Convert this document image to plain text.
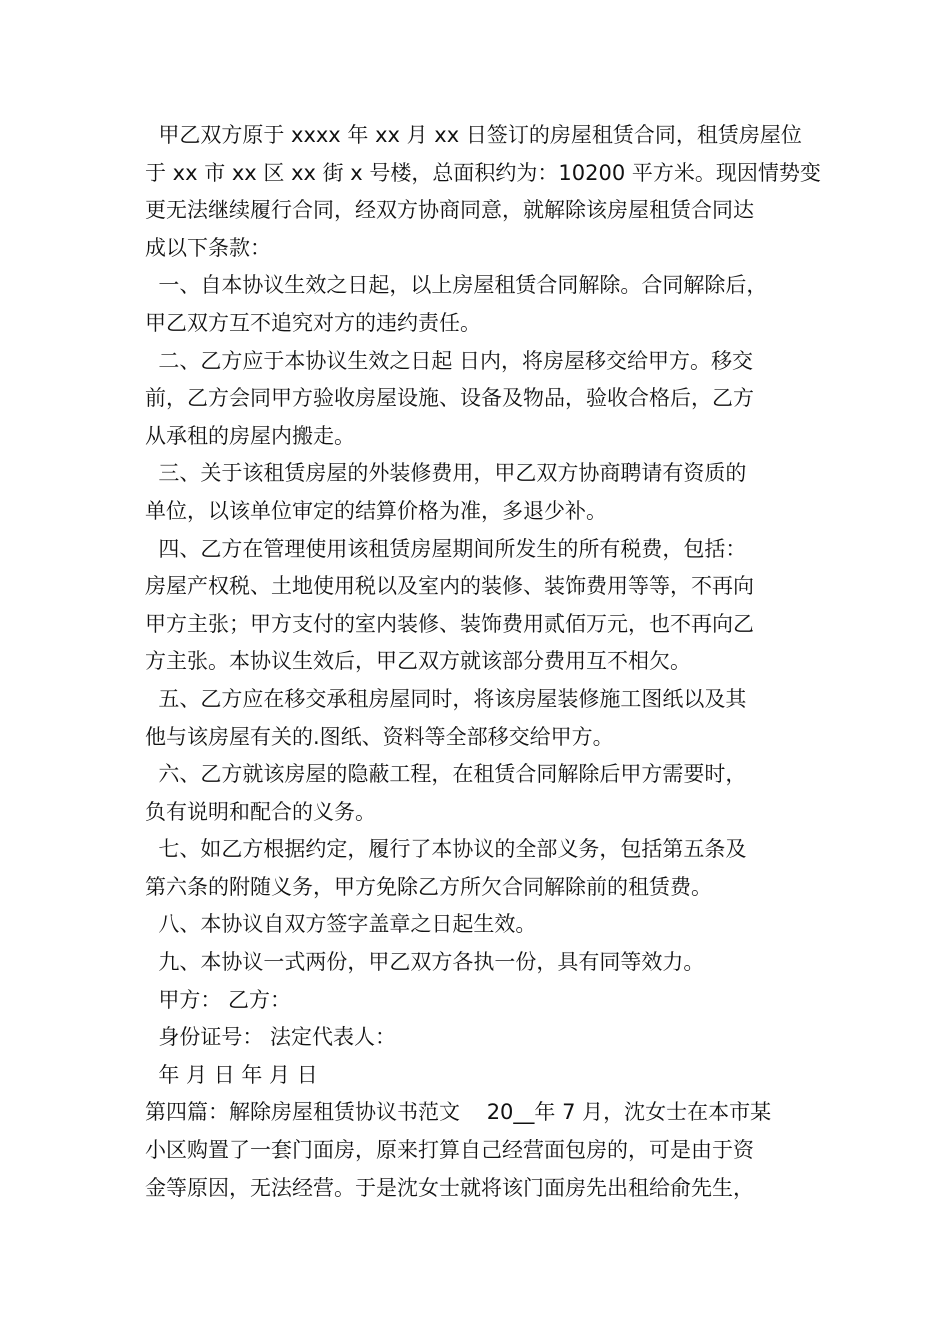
甲乙双方原于 xxxx 年 xx 月 xx 日签订的房屋租赁合同，租赁房屋位

于 xx 市 xx 区 xx 街 x 号楼，总面积约为：10200 平方米。现因情势变

更无法继续履行合同，经双方协商同意，就解除该房屋租赁合同达

成以下条款：

一、自本协议生效之日起，以上房屋租赁合同解除。合同解除后，

甲乙双方互不追究对方的违约责任。

二、乙方应于本协议生效之日起 日内，将房屋移交给甲方。移交

前，乙方会同甲方验收房屋设施、设备及物品，验收合格后，乙方

从承租的房屋内搬走。

三、关于该租赁房屋的外装修费用，甲乙双方协商聘请有资质的

单位，以该单位审定的结算价格为准，多退少补。

四、乙方在管理使用该租赁房屋期间所发生的所有税费，包括：

房屋产权税、土地使用税以及室内的装修、装饰费用等等，不再向

甲方主张；甲方支付的室内装修、装饰费用贰佰万元，也不再向乙

方主张。本协议生效后，甲乙双方就该部分费用互不相欠。

五、乙方应在移交承租房屋同时，将该房屋装修施工图纸以及其

他与该房屋有关的.图纸、资料等全部移交给甲方。

六、乙方就该房屋的隐蔽工程，在租赁合同解除后甲方需要时，

负有说明和配合的义务。

七、如乙方根据约定，履行了本协议的全部义务，包括第五条及

第六条的附随义务，甲方免除乙方所欠合同解除前的租赁费。

八、本协议自双方签字盖章之日起生效。

九、本协议一式两份，甲乙双方各执一份，具有同等效力。

甲方： 乙方：

身份证号： 法定代表人：

年 月 日 年 月 日

第四篇：解除房屋租赁协议书范文    20__年 7 月，沈女士在本市某

小区购置了一套门面房，原来打算自己经营面包房的，可是由于资

金等原因，无法经营。于是沈女士就将该门面房先出租给俞先生，
